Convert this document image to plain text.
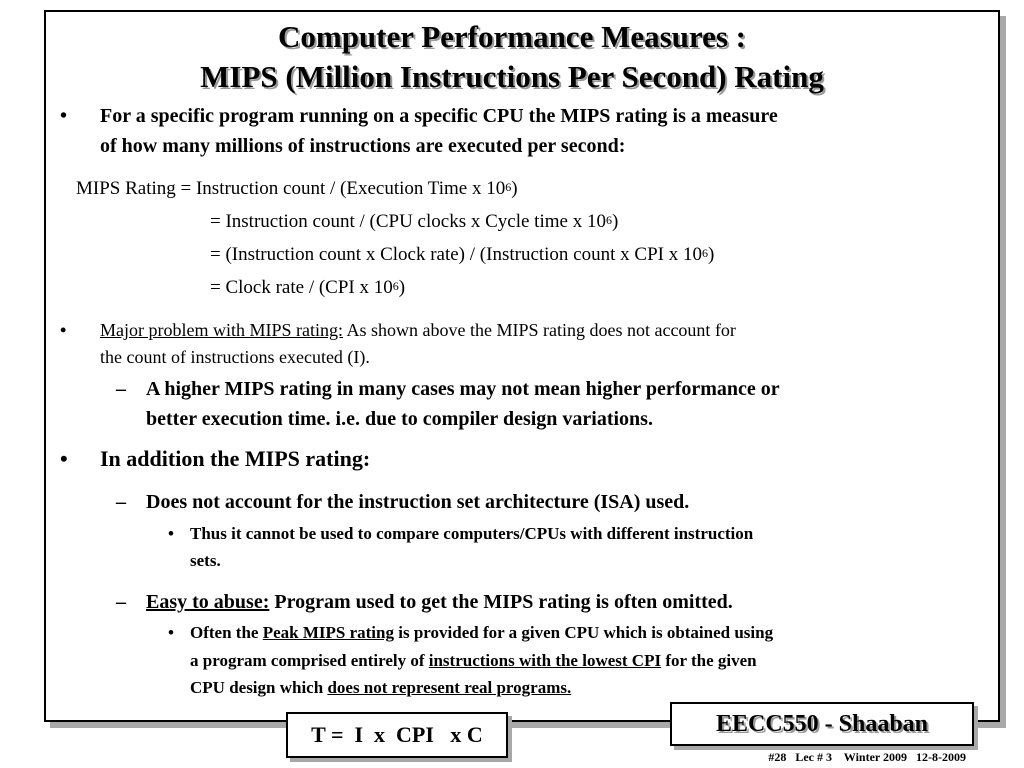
Computer Performance Measures :
MIPS (Million Instructions Per Second) Rating
• For a specific program running on a specific CPU the MIPS rating is a measure
of how many millions of instructions are executed per second:
MIPS Rating = Instruction count / (Execution Time x $10^6$)
= Instruction count / (CPU clocks x Cycle time x $10^6$)
= (Instruction count x Clock rate) / (Instruction count x CPI x $10^6$)
= Clock rate / (CPI x $10^6$)
• Major problem with MIPS rating: As shown above the MIPS rating does not account for
the count of instructions executed (I).
– A higher MIPS rating in many cases may not mean higher performance or
better execution time. i.e. due to compiler design variations.
• In addition the MIPS rating:
– Does not account for the instruction set architecture (ISA) used.
• Thus it cannot be used to compare computers/CPUs with different instruction
sets.
– Easy to abuse: Program used to get the MIPS rating is often omitted.
• Often the Peak MIPS rating is provided for a given CPU which is obtained using
a program comprised entirely of instructions with the lowest CPI for the given
CPU design which does not represent real programs.
T =  I  x  CPI   x C	EECC550 - Shaaban
#28   Lec # 3    Winter 2009   12-8-2009
